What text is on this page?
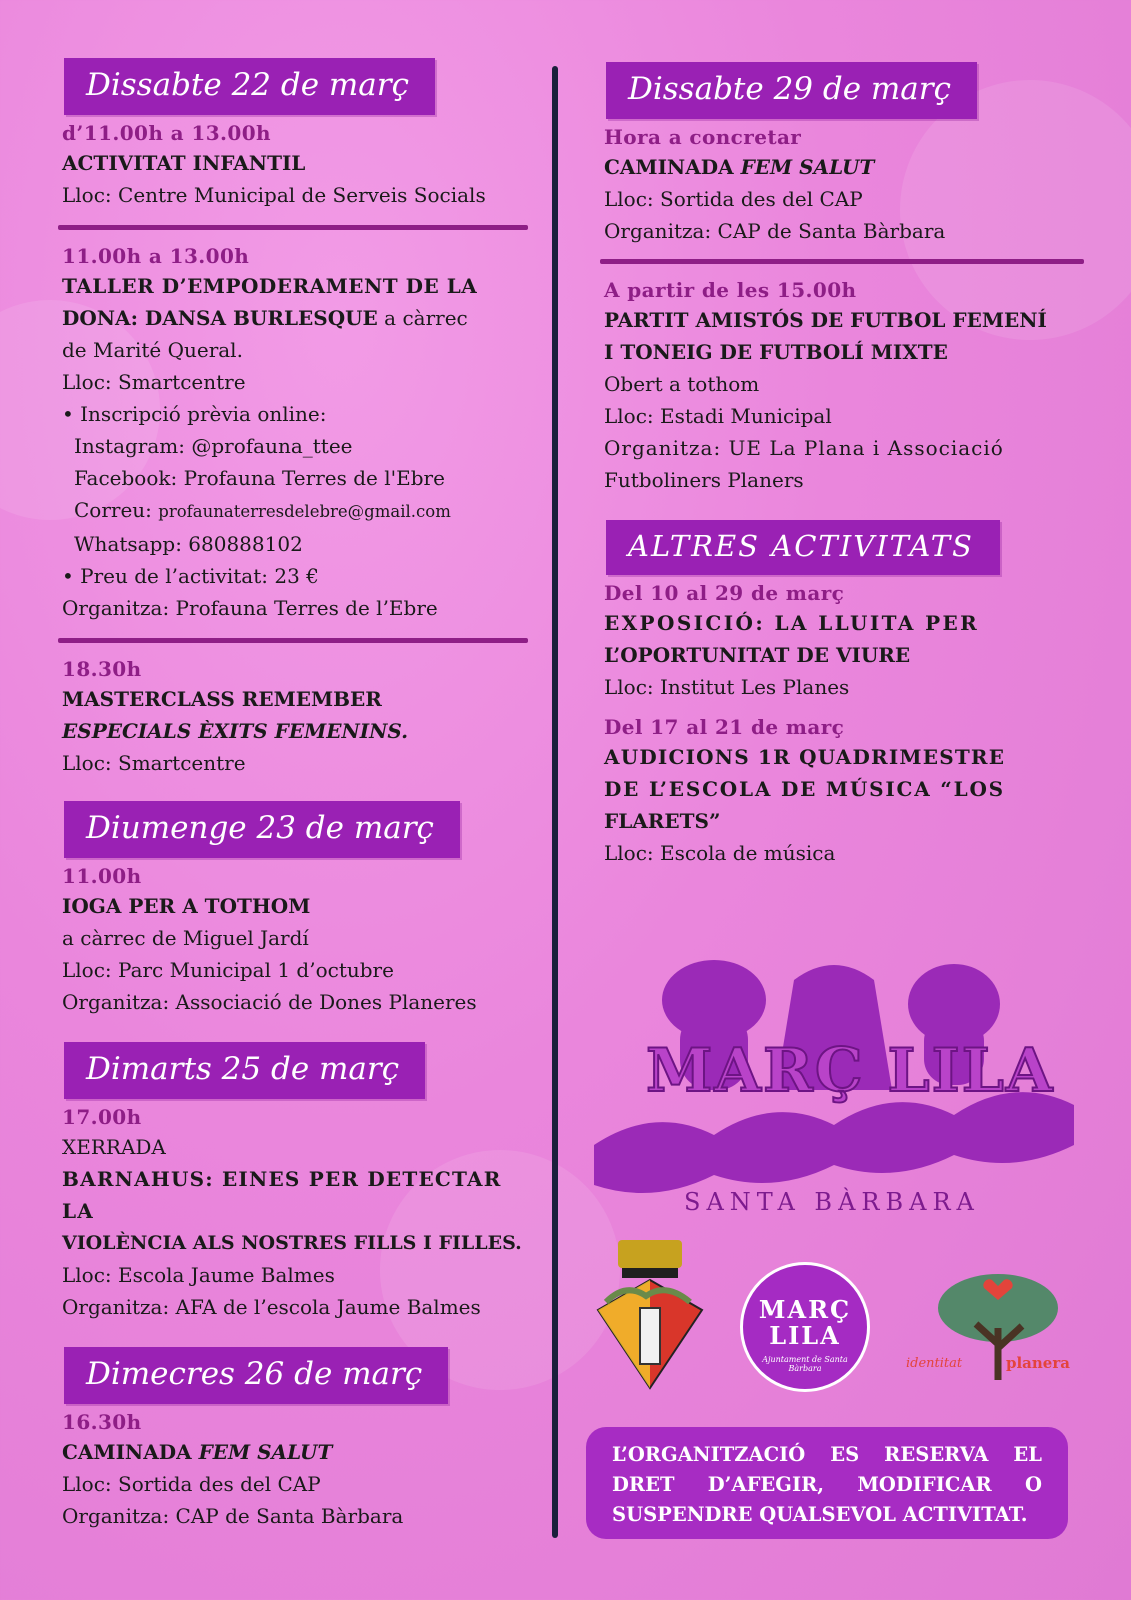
Dissabte 22 de març
d’11.00h a 13.00h
ACTIVITAT INFANTIL
Lloc: Centre Municipal de Serveis Socials
11.00h a 13.00h
TALLER D’EMPODERAMENT DE LA
DONA: DANSA BURLESQUE a càrrec
de Marité Queral.
Lloc: Smartcentre
• Inscripció prèvia online:
Instagram: @profauna_ttee
Facebook: Profauna Terres de l'Ebre
Correu: profaunaterresdelebre@gmail.com
Whatsapp: 680888102
• Preu de l’activitat: 23 €
Organitza: Profauna Terres de l’Ebre
18.30h
MASTERCLASS REMEMBER
ESPECIALS ÈXITS FEMENINS.
Lloc: Smartcentre
Diumenge 23 de març
11.00h
IOGA PER A TOTHOM
a càrrec de Miguel Jardí
Lloc: Parc Municipal 1 d’octubre
Organitza: Associació de Dones Planeres
Dimarts 25 de març
17.00h
XERRADA
BARNAHUS: EINES PER DETECTAR LA
VIOLÈNCIA ALS NOSTRES FILLS I FILLES.
Lloc: Escola Jaume Balmes
Organitza: AFA de l’escola Jaume Balmes
Dimecres 26 de març
16.30h
CAMINADA FEM SALUT
Lloc: Sortida des del CAP
Organitza: CAP de Santa Bàrbara
Dissabte 29 de març
Hora a concretar
CAMINADA FEM SALUT
Lloc: Sortida des del CAP
Organitza: CAP de Santa Bàrbara
A partir de les 15.00h
PARTIT AMISTÓS DE FUTBOL FEMENÍ
I TONEIG DE FUTBOLÍ MIXTE
Obert a tothom
Lloc: Estadi Municipal
Organitza: UE La Plana i Associació
Futboliners Planers
ALTRES ACTIVITATS
Del 10 al 29 de març
EXPOSICIÓ: LA LLUITA PER
L’OPORTUNITAT DE VIURE
Lloc: Institut Les Planes
Del 17 al 21 de març
AUDICIONS 1R QUADRIMESTRE
DE L’ESCOLA DE MÚSICA “LOS
FLARETS”
Lloc: Escola de música
MARÇ LILA
SANTA BÀRBARA
MARÇ
LILA
Ajuntament de Santa Bàrbara	identitat	planera
L’ORGANITZACIÓ ES RESERVA EL DRET D’AFEGIR, MODIFICAR O SUSPENDRE QUALSEVOL ACTIVITAT.
